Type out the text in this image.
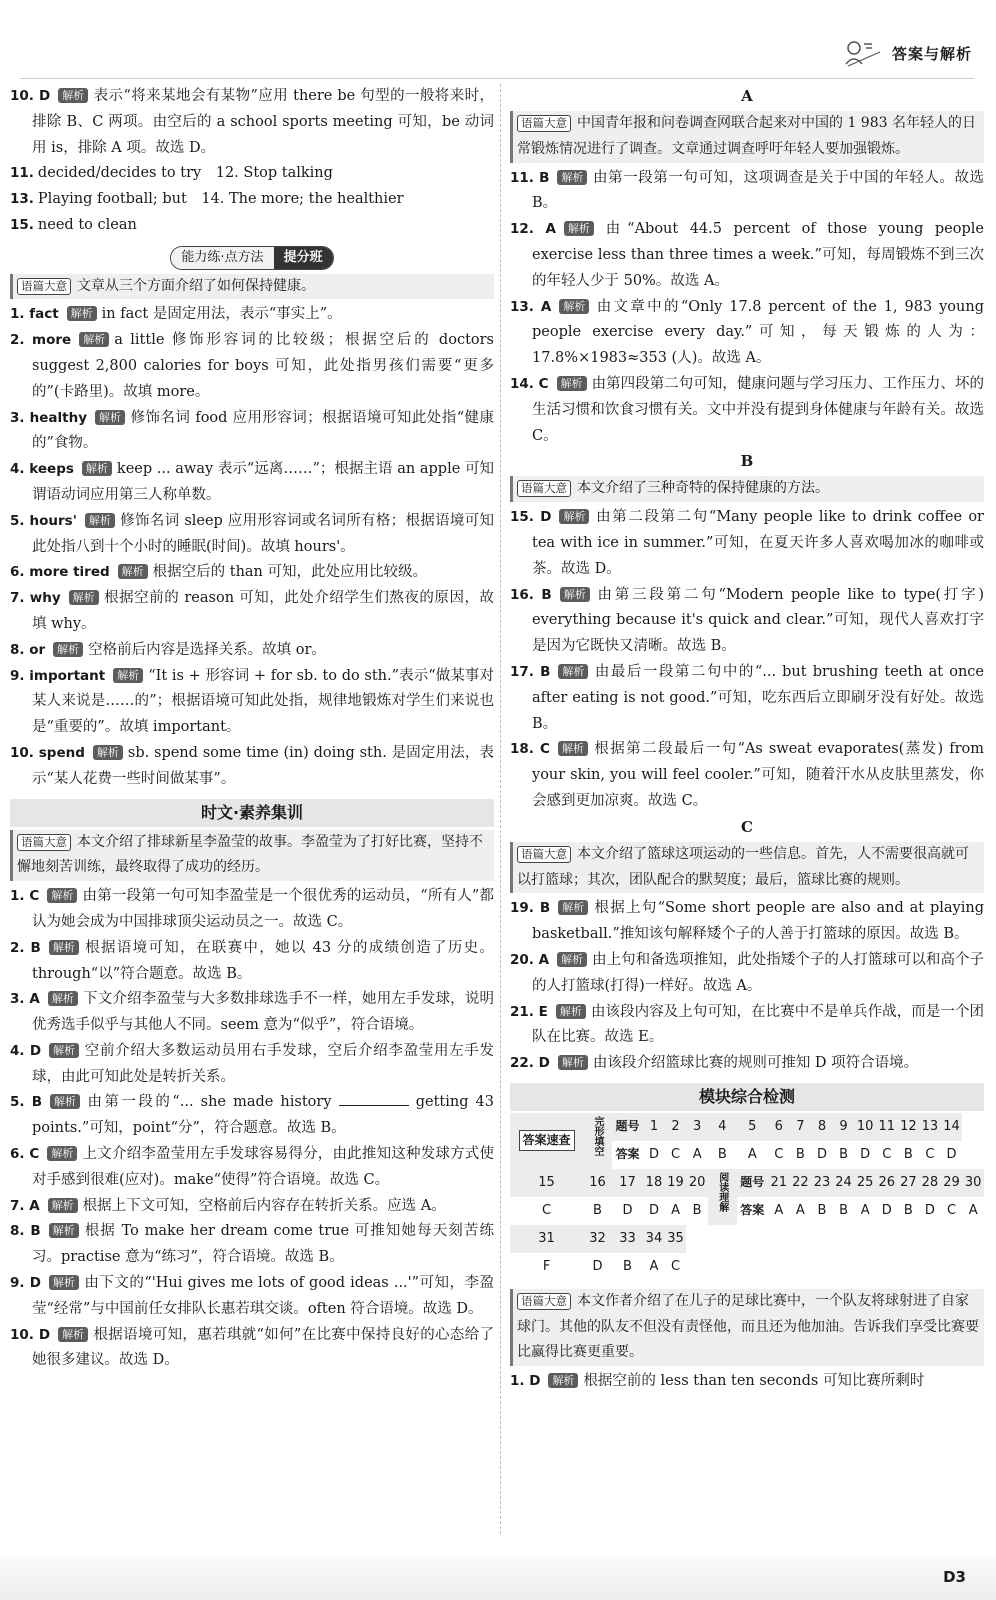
答案与解析

10. D 解析 表示“将来某地会有某物”应用 there be 句型的一般将来时，排除 B、C 两项。由空后的 a school sports meeting 可知，be 动词用 is，排除 A 项。故选 D。

11. decided/decides to try　12. Stop talking

13. Playing football; but　14. The more; the healthier

15. need to clean

能力练·点方法	提分班
语篇大意 文章从三个方面介绍了如何保持健康。

1. fact 解析 in fact 是固定用法，表示“事实上”。

2. more 解析 a little 修饰形容词的比较级；根据空后的 doctors suggest 2,800 calories for boys 可知，此处指男孩们需要“更多的”(卡路里)。故填 more。

3. healthy 解析 修饰名词 food 应用形容词；根据语境可知此处指“健康的”食物。

4. keeps 解析 keep ... away 表示“远离……”；根据主语 an apple 可知谓语动词应用第三人称单数。

5. hours' 解析 修饰名词 sleep 应用形容词或名词所有格；根据语境可知此处指八到十个小时的睡眠(时间)。故填 hours'。

6. more tired 解析 根据空后的 than 可知，此处应用比较级。

7. why 解析 根据空前的 reason 可知，此处介绍学生们熬夜的原因，故填 why。

8. or 解析 空格前后内容是选择关系。故填 or。

9. important 解析 “It is + 形容词 + for sb. to do sth.”表示“做某事对某人来说是……的”；根据语境可知此处指，规律地锻炼对学生们来说也是“重要的”。故填 important。

10. spend 解析 sb. spend some time (in) doing sth. 是固定用法，表示“某人花费一些时间做某事”。

时文·素养集训
语篇大意 本文介绍了排球新星李盈莹的故事。李盈莹为了打好比赛，坚持不懈地刻苦训练，最终取得了成功的经历。

1. C 解析 由第一段第一句可知李盈莹是一个很优秀的运动员，“所有人”都认为她会成为中国排球顶尖运动员之一。故选 C。

2. B 解析 根据语境可知，在联赛中，她以 43 分的成绩创造了历史。through“以”符合题意。故选 B。

3. A 解析 下文介绍李盈莹与大多数排球选手不一样，她用左手发球，说明优秀选手似乎与其他人不同。seem 意为“似乎”，符合语境。

4. D 解析 空前介绍大多数运动员用右手发球，空后介绍李盈莹用左手发球，由此可知此处是转折关系。

5. B 解析 由第一段的“... she made history	getting 43 points.”可知，point“分”，符合题意。故选 B。

6. C 解析 上文介绍李盈莹用左手发球容易得分，由此推知这种发球方式使对手感到很难(应对)。make“使得”符合语境。故选 C。

7. A 解析 根据上下文可知，空格前后内容存在转折关系。应选 A。

8. B 解析 根据 To make her dream come true 可推知她每天刻苦练习。practise 意为“练习”，符合语境。故选 B。

9. D 解析 由下文的“'Hui gives me lots of good ideas ...'”可知，李盈莹“经常”与中国前任女排队长惠若琪交谈。often 符合语境。故选 D。

10. D 解析 根据语境可知，惠若琪就“如何”在比赛中保持良好的心态给了她很多建议。故选 D。

A
语篇大意 中国青年报和问卷调查网联合起来对中国的 1 983 名年轻人的日常锻炼情况进行了调查。文章通过调查呼吁年轻人要加强锻炼。

11. B 解析 由第一段第一句可知，这项调查是关于中国的年轻人。故选 B。

12. A 解析 由“About 44.5 percent of those young people exercise less than three times a week.”可知，每周锻炼不到三次的年轻人少于 50%。故选 A。

13. A 解析 由文章中的“Only 17.8 percent of the 1, 983 young people exercise every day.”可知，每天锻炼的人为：17.8%×1983≈353 (人)。故选 A。

14. C 解析 由第四段第二句可知，健康问题与学习压力、工作压力、坏的生活习惯和饮食习惯有关。文中并没有提到身体健康与年龄有关。故选 C。

B
语篇大意 本文介绍了三种奇特的保持健康的方法。

15. D 解析 由第二段第二句“Many people like to drink coffee or tea with ice in summer.”可知，在夏天许多人喜欢喝加冰的咖啡或茶。故选 D。

16. B 解析 由第三段第二句“Modern people like to type(打字) everything because it's quick and clear.”可知，现代人喜欢打字是因为它既快又清晰。故选 B。

17. B 解析 由最后一段第二句中的“... but brushing teeth at once after eating is not good.”可知，吃东西后立即刷牙没有好处。故选 B。

18. C 解析 根据第二段最后一句“As sweat evaporates(蒸发) from your skin, you will feel cooler.”可知，随着汗水从皮肤里蒸发，你会感到更加凉爽。故选 C。

C
语篇大意 本文介绍了篮球这项运动的一些信息。首先，人不需要很高就可以打篮球；其次，团队配合的默契度；最后，篮球比赛的规则。

19. B 解析 根据上句“Some short people are also and at playing basketball.”推知该句解释矮个子的人善于打篮球的原因。故选 B。

20. A 解析 由上句和备选项推知，此处指矮个子的人打篮球可以和高个子的人打篮球(打得)一样好。故选 A。

21. E 解析 由该段内容及上句可知，在比赛中不是单兵作战，而是一个团队在比赛。故选 E。

22. D 解析 由该段介绍篮球比赛的规则可推知 D 项符合语境。

模块综合检测
答案速查	完形填空	题号	1	2	3	4	5	6	7	8	9	10	11	12	13	14	
		答案	D	C	A	B	A	C	B	D	B	D	C	B	C	D	
15	16	17	18	19	20	阅读理解	题号	21	22	23	24	25	26	27	28	29	30
C	B	D	D	A	B		答案	A	A	B	B	A	D	B	D	C	A
31	32	33	34	35													
F	D	B	A	C													
语篇大意 本文作者介绍了在儿子的足球比赛中，一个队友将球射进了自家球门。其他的队友不但没有责怪他，而且还为他加油。告诉我们享受比赛要比赢得比赛更重要。

1. D 解析 根据空前的 less than ten seconds 可知比赛所剩时

D3
